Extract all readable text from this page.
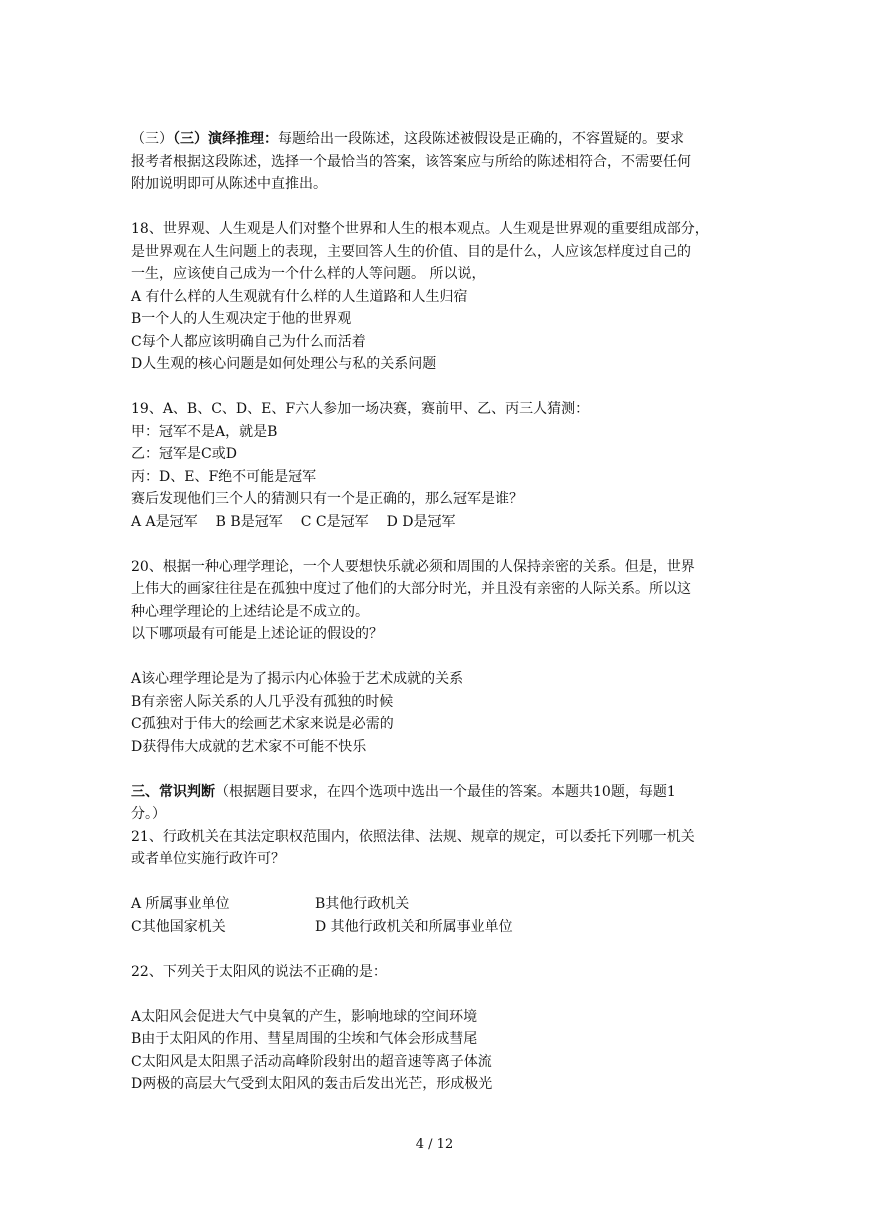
（三）（三）演绎推理：每题给出一段陈述，这段陈述被假设是正确的，不容置疑的。要求
报考者根据这段陈述，选择一个最恰当的答案，该答案应与所给的陈述相符合，不需要任何
附加说明即可从陈述中直推出。
18、世界观、人生观是人们对整个世界和人生的根本观点。人生观是世界观的重要组成部分，
是世界观在人生问题上的表现，主要回答人生的价值、目的是什么，人应该怎样度过自己的
一生，应该使自己成为一个什么样的人等问题。 所以说，
A 有什么样的人生观就有什么样的人生道路和人生归宿
B一个人的人生观决定于他的世界观
C每个人都应该明确自己为什么而活着
D人生观的核心问题是如何处理公与私的关系问题
19、A、B、C、D、E、F六人参加一场决赛，赛前甲、乙、丙三人猜测：
甲：冠军不是A，就是B
乙：冠军是C或D
丙：D、E、F绝不可能是冠军
赛后发现他们三个人的猜测只有一个是正确的，那么冠军是谁？
A A是冠军 B B是冠军 C C是冠军 D D是冠军
20、根据一种心理学理论，一个人要想快乐就必须和周围的人保持亲密的关系。但是，世界
上伟大的画家往往是在孤独中度过了他们的大部分时光，并且没有亲密的人际关系。所以这
种心理学理论的上述结论是不成立的。
以下哪项最有可能是上述论证的假设的？
A该心理学理论是为了揭示内心体验于艺术成就的关系
B有亲密人际关系的人几乎没有孤独的时候
C孤独对于伟大的绘画艺术家来说是必需的
D获得伟大成就的艺术家不可能不快乐
三、常识判断（根据题目要求，在四个选项中选出一个最佳的答案。本题共10题，每题1
分。）
21、行政机关在其法定职权范围内，依照法律、法规、规章的规定，可以委托下列哪一机关
或者单位实施行政许可？
A 所属事业单位	B其他行政机关
C其他国家机关	D 其他行政机关和所属事业单位
22、下列关于太阳风的说法不正确的是：
A太阳风会促进大气中臭氧的产生，影响地球的空间环境
B由于太阳风的作用、彗星周围的尘埃和气体会形成彗尾
C太阳风是太阳黑子活动高峰阶段射出的超音速等离子体流
D两极的高层大气受到太阳风的轰击后发出光芒，形成极光
4 / 12
